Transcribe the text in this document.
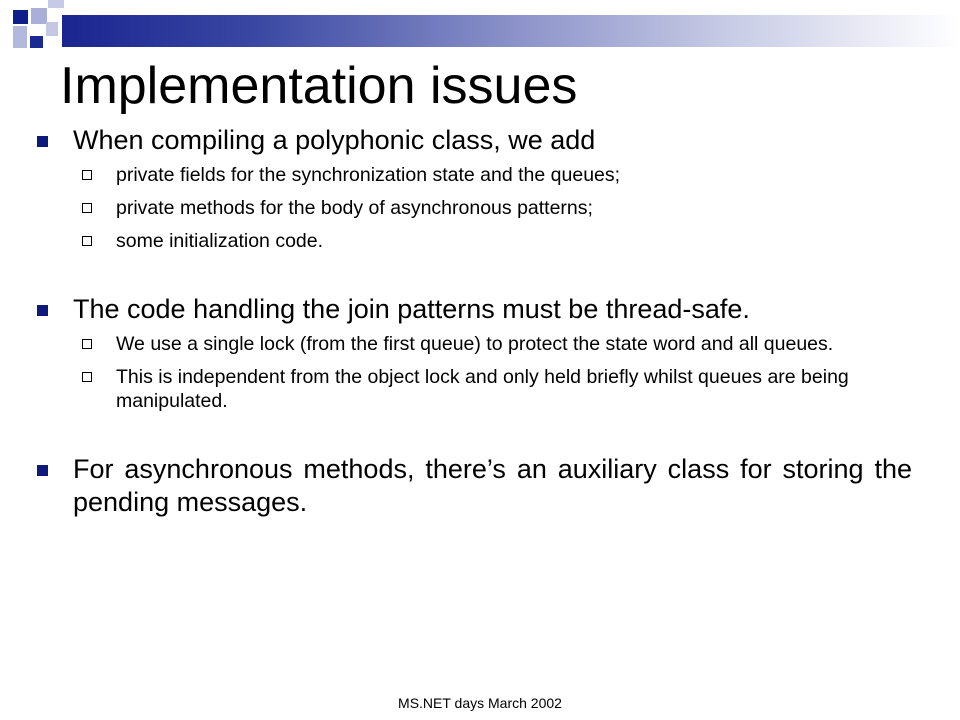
Implementation issues
When compiling a polyphonic class, we add
private fields for the synchronization state and the queues;
private methods for the body of asynchronous patterns;
some initialization code.
The code handling the join patterns must be thread-safe.
We use a single lock (from the first queue) to protect the state word and all queues.
This is independent from the object lock and only held briefly whilst queues are being manipulated.
For asynchronous methods, there’s an auxiliary class for storing the pending messages.
MS.NET days March 2002
